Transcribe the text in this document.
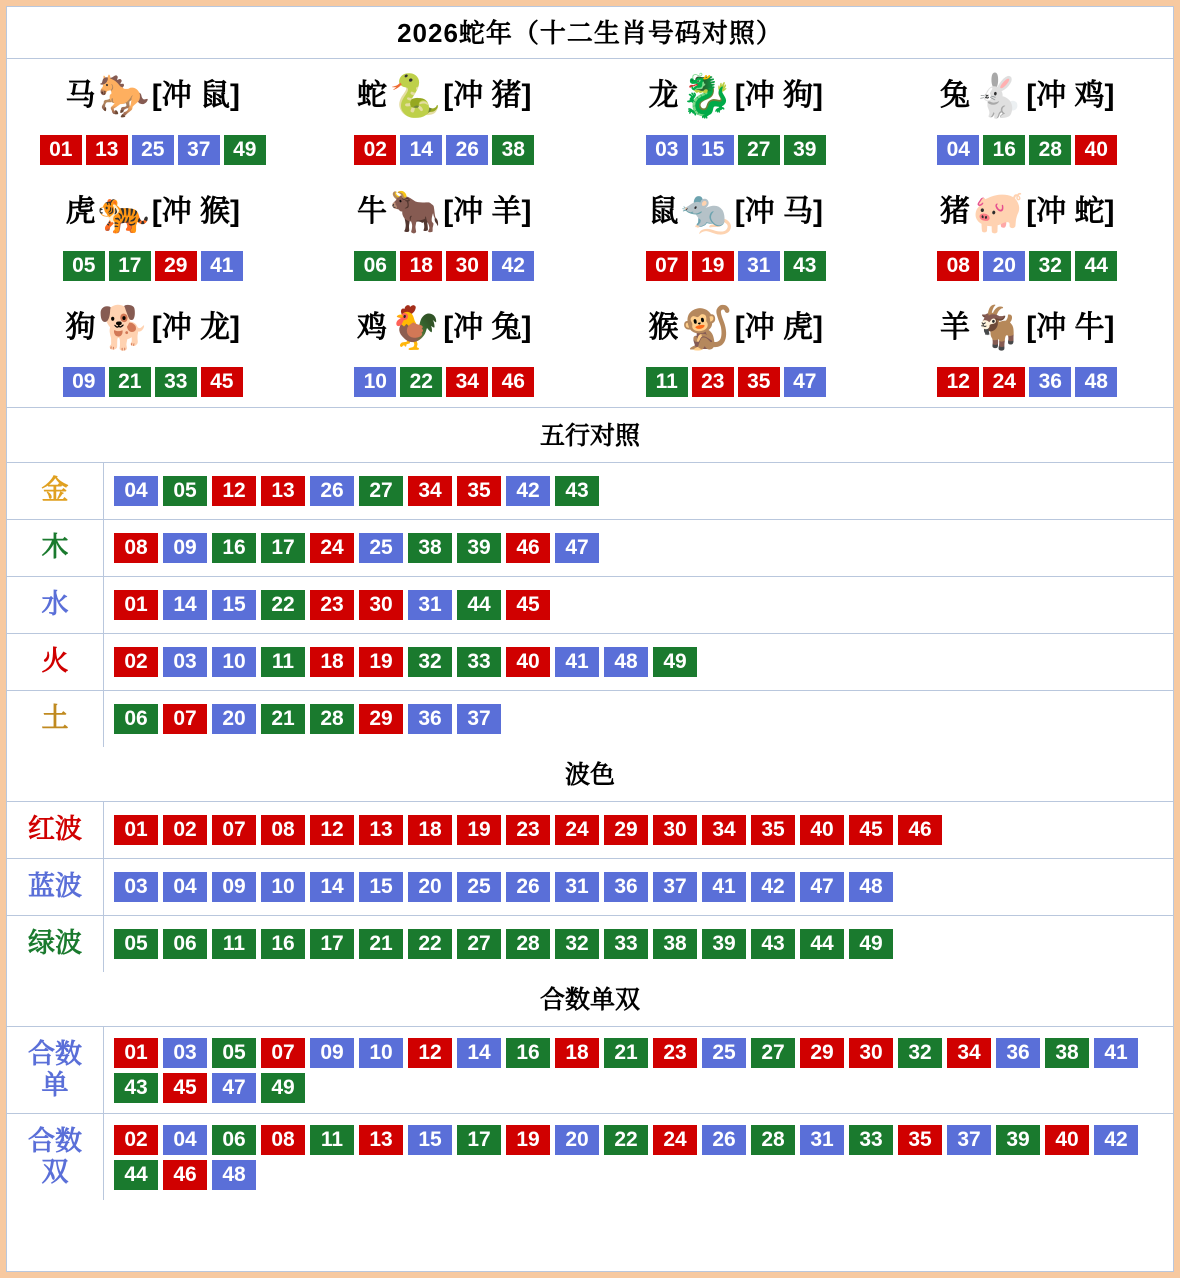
2026蛇年（十二生肖号码对照）
马 🐎 [冲 鼠]
01	13	25	37	49
蛇 🐍 [冲 猪]
02	14	26	38
龙 🐉 [冲 狗]
03	15	27	39
兔 🐇 [冲 鸡]
04	16	28	40
虎 🐅 [冲 猴]
05	17	29	41
牛 🐂 [冲 羊]
06	18	30	42
鼠 🐀 [冲 马]
07	19	31	43
猪 🐖 [冲 蛇]
08	20	32	44
狗 🐕 [冲 龙]
09	21	33	45
鸡 🐓 [冲 兔]
10	22	34	46
猴 🐒 [冲 虎]
11	23	35	47
羊 🐐 [冲 牛]
12	24	36	48
五行对照
金	04	05	12	13	26	27	34	35	42	43
木	08	09	16	17	24	25	38	39	46	47
水	01	14	15	22	23	30	31	44	45
火	02	03	10	11	18	19	32	33	40	41	48	49
土	06	07	20	21	28	29	36	37
波色
红波	01	02	07	08	12	13	18	19	23	24	29	30	34	35	40	45	46
蓝波	03	04	09	10	14	15	20	25	26	31	36	37	41	42	47	48
绿波	05	06	11	16	17	21	22	27	28	32	33	38	39	43	44	49
合数单双
合数
单
01	03	05	07	09	10	12	14	16	18	21	23	25	27	29	30	32	34	36	38	41
43	45	47	49
合数
双
02	04	06	08	11	13	15	17	19	20	22	24	26	28	31	33	35	37	39	40	42
44	46	48
